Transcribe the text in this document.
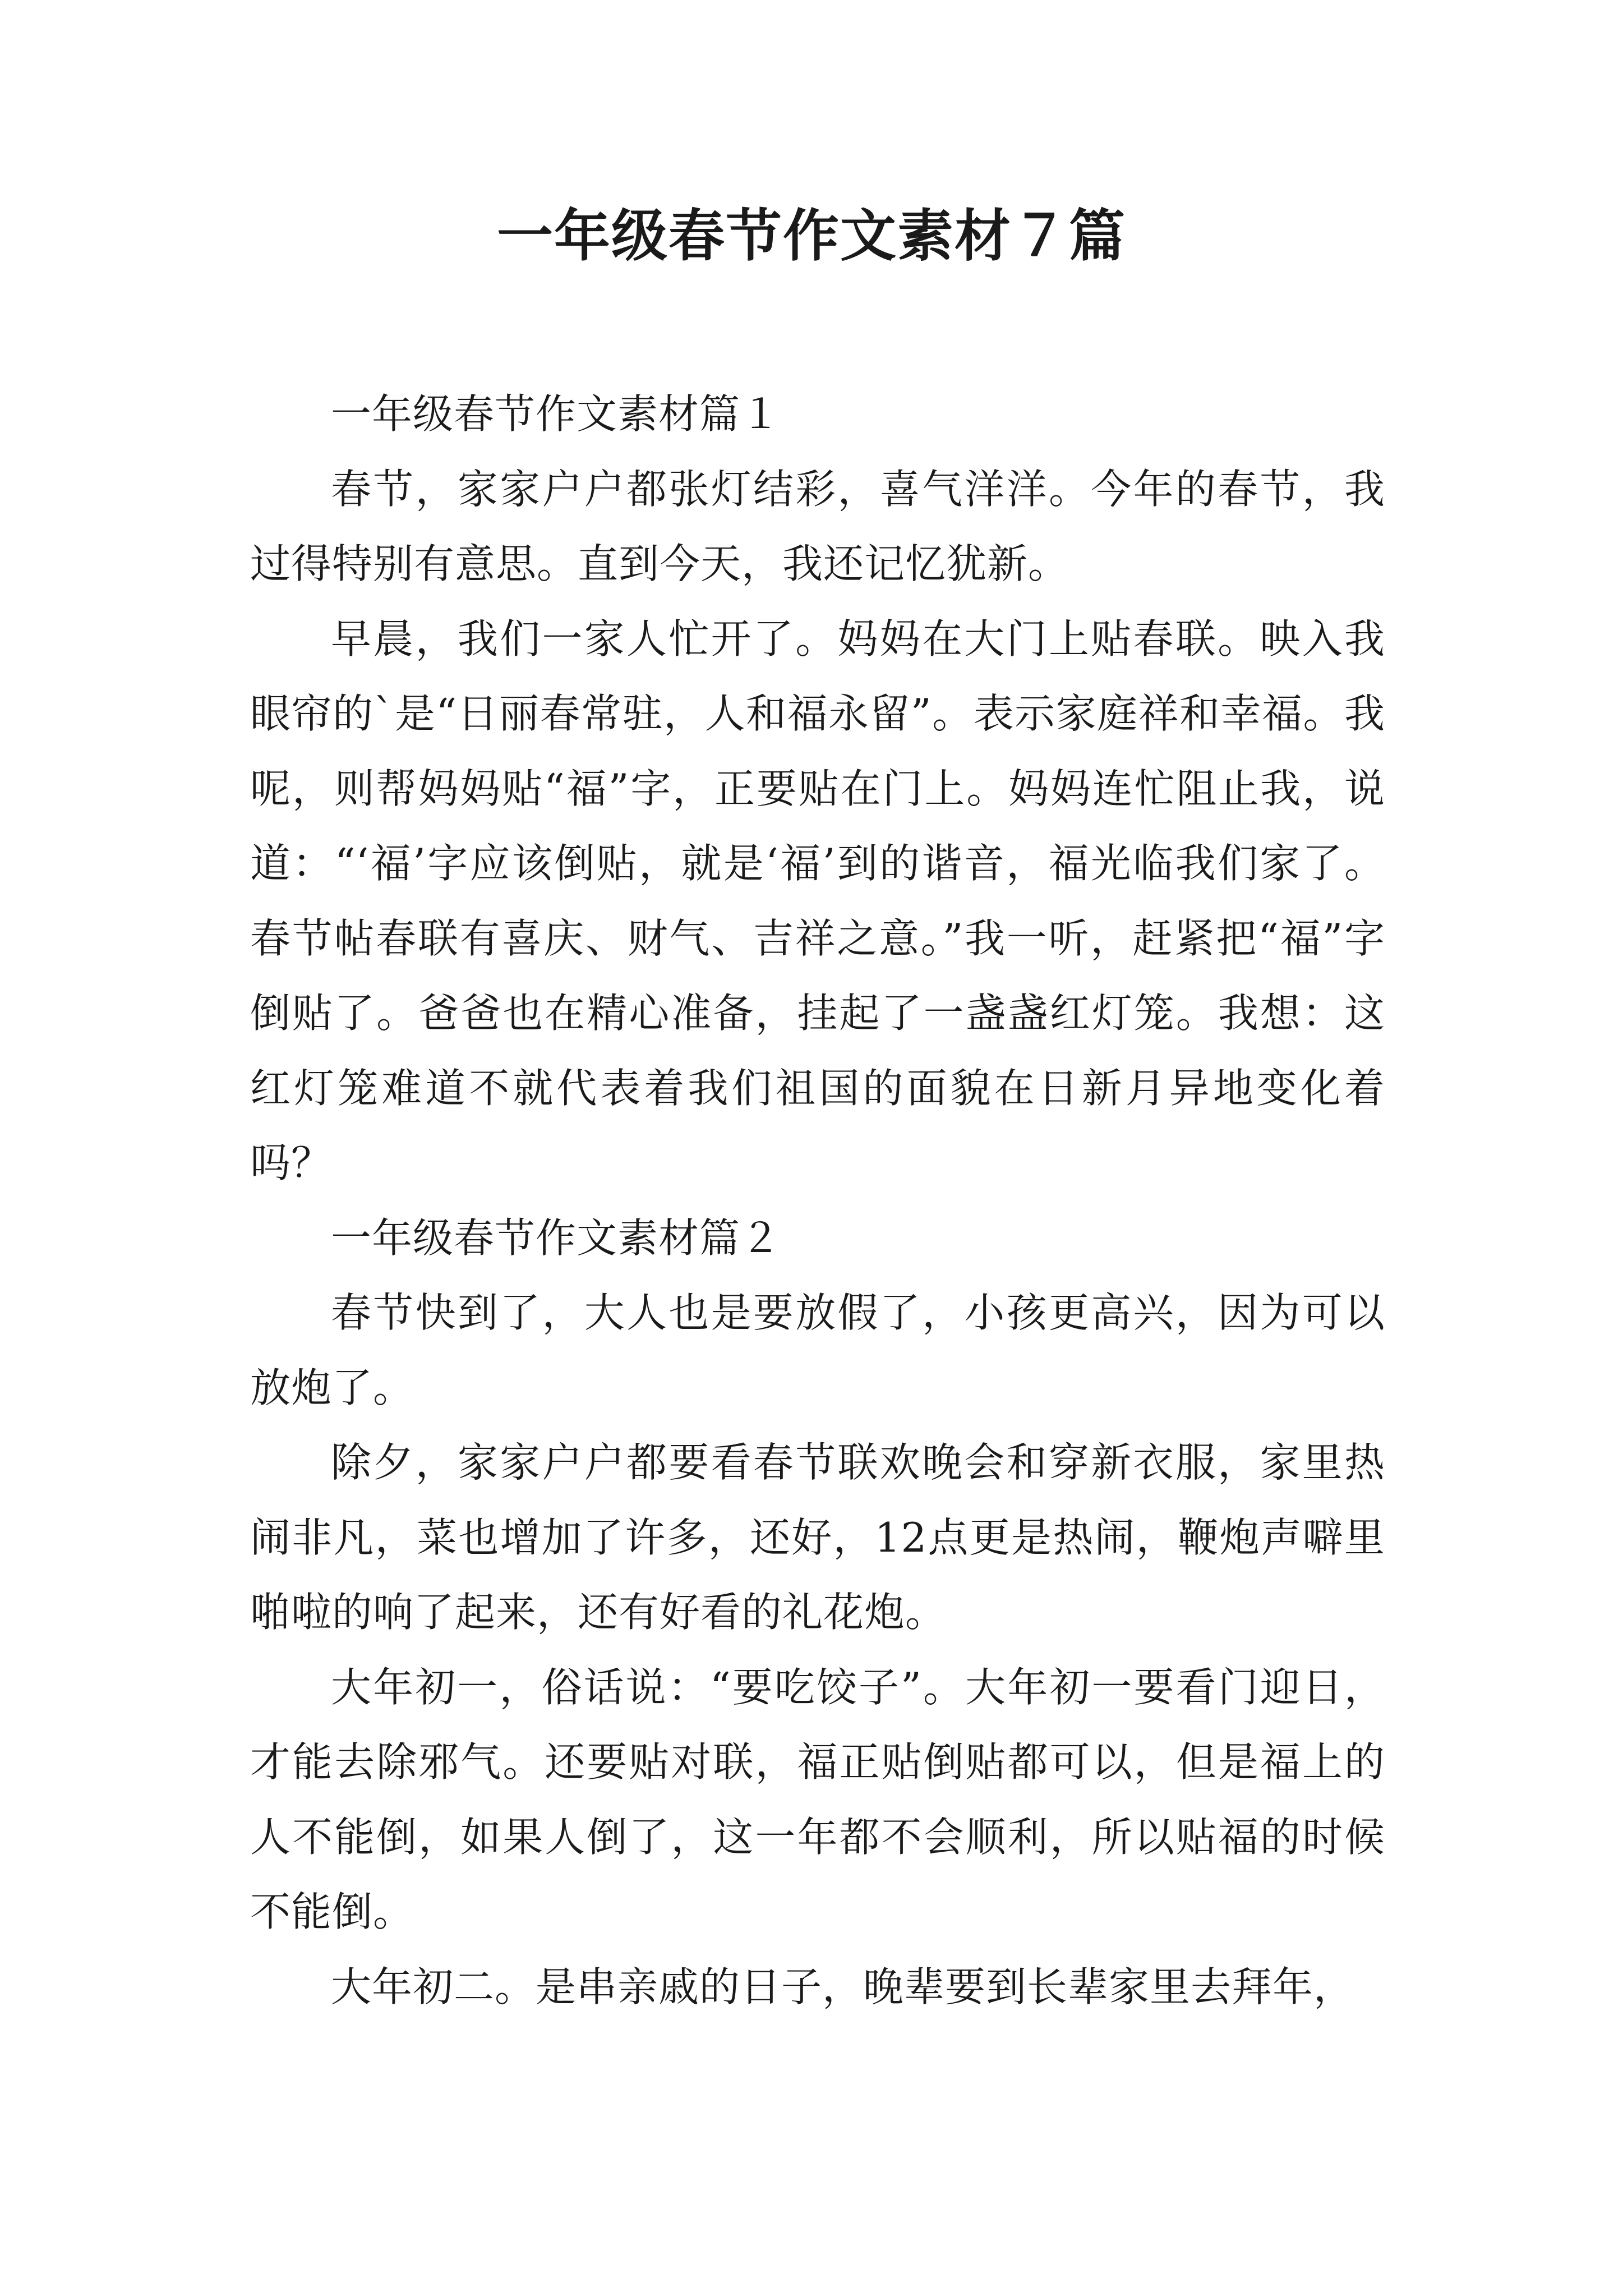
一年级春节作文素材７篇

一年级春节作文素材篇１

春节，家家户户都张灯结彩，喜气洋洋。今年的春节，我过得特别有意思。直到今天，我还记忆犹新。

早晨，我们一家人忙开了。妈妈在大门上贴春联。映入我眼帘的`是“日丽春常驻，人和福永留”。表示家庭祥和幸福。我呢，则帮妈妈贴“福”字，正要贴在门上。妈妈连忙阻止我，说道：“‘福’字应该倒贴，就是‘福’到的谐音，福光临我们家了。春节帖春联有喜庆、财气、吉祥之意。”我一听，赶紧把“福”字倒贴了。爸爸也在精心准备，挂起了一盏盏红灯笼。我想：这红灯笼难道不就代表着我们祖国的面貌在日新月异地变化着吗？

一年级春节作文素材篇２

春节快到了，大人也是要放假了，小孩更高兴，因为可以放炮了。

除夕，家家户户都要看春节联欢晚会和穿新衣服，家里热闹非凡，菜也增加了许多，还好，12点更是热闹，鞭炮声噼里啪啦的响了起来，还有好看的礼花炮。

大年初一，俗话说：“要吃饺子”。大年初一要看门迎日，才能去除邪气。还要贴对联，福正贴倒贴都可以，但是福上的人不能倒，如果人倒了，这一年都不会顺利，所以贴福的时候不能倒。

大年初二。是串亲戚的日子，晚辈要到长辈家里去拜年，
